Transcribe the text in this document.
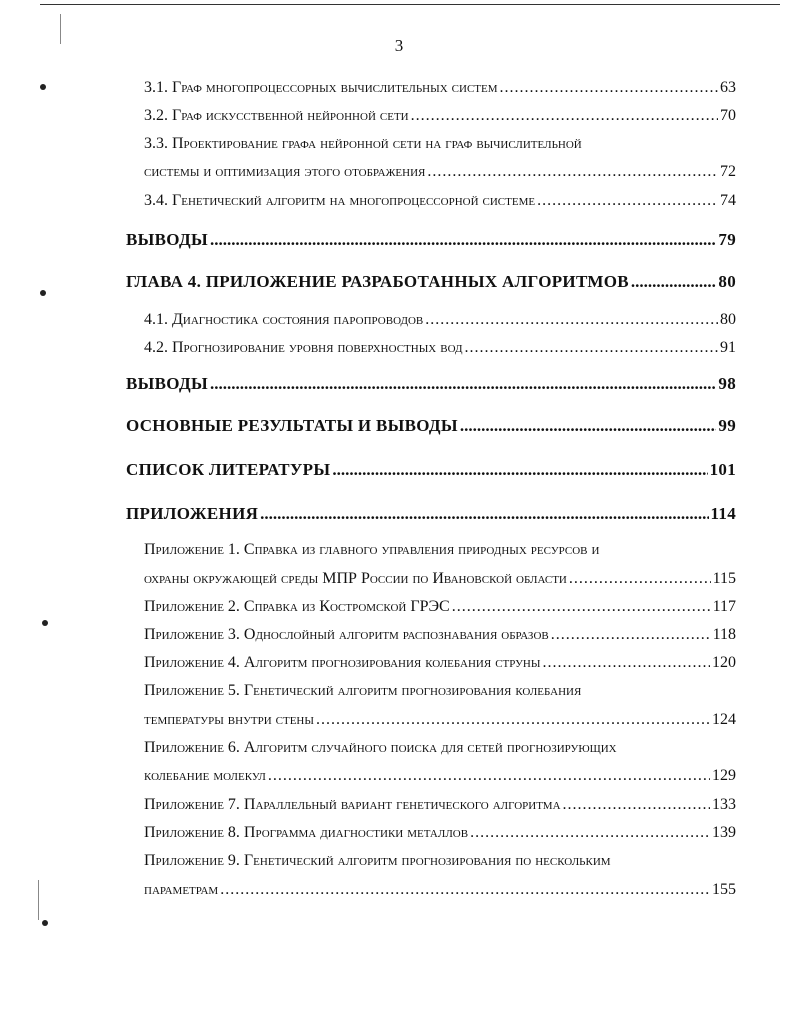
3
3.1. Граф многопроцессорных вычислительных систем .....	63
3.2. Граф искусственной нейронной сети .....	70
3.3. Проектирование графа нейронной сети на граф вычислительной
системы и оптимизация этого отображения .....	72
3.4. Генетический алгоритм на многопроцессорной системе .....	74
ВЫВОДЫ .....	79
ГЛАВА 4. ПРИЛОЖЕНИЕ РАЗРАБОТАННЫХ АЛГОРИТМОВ .....	80
4.1. Диагностика состояния паропроводов .....	80
4.2. Прогнозирование уровня поверхностных вод .....	91
ВЫВОДЫ .....	98
ОСНОВНЫЕ РЕЗУЛЬТАТЫ И ВЫВОДЫ .....	99
СПИСОК ЛИТЕРАТУРЫ .....	101
ПРИЛОЖЕНИЯ .....	114
Приложение 1. Справка из главного управления природных ресурсов и
охраны окружающей среды МПР России по Ивановской области .....	115
Приложение 2. Справка из Костромской ГРЭС .....	117
Приложение 3. Однослойный алгоритм распознавания образов .....	118
Приложение 4. Алгоритм прогнозирования колебания струны .....	120
Приложение 5. Генетический алгоритм прогнозирования колебания
температуры внутри стены .....	124
Приложение 6. Алгоритм случайного поиска для сетей прогнозирующих
колебание молекул .....	129
Приложение 7. Параллельный вариант генетического алгоритма .....	133
Приложение 8. Программа диагностики металлов .....	139
Приложение 9. Генетический алгоритм прогнозирования по нескольким
параметрам .....	155
